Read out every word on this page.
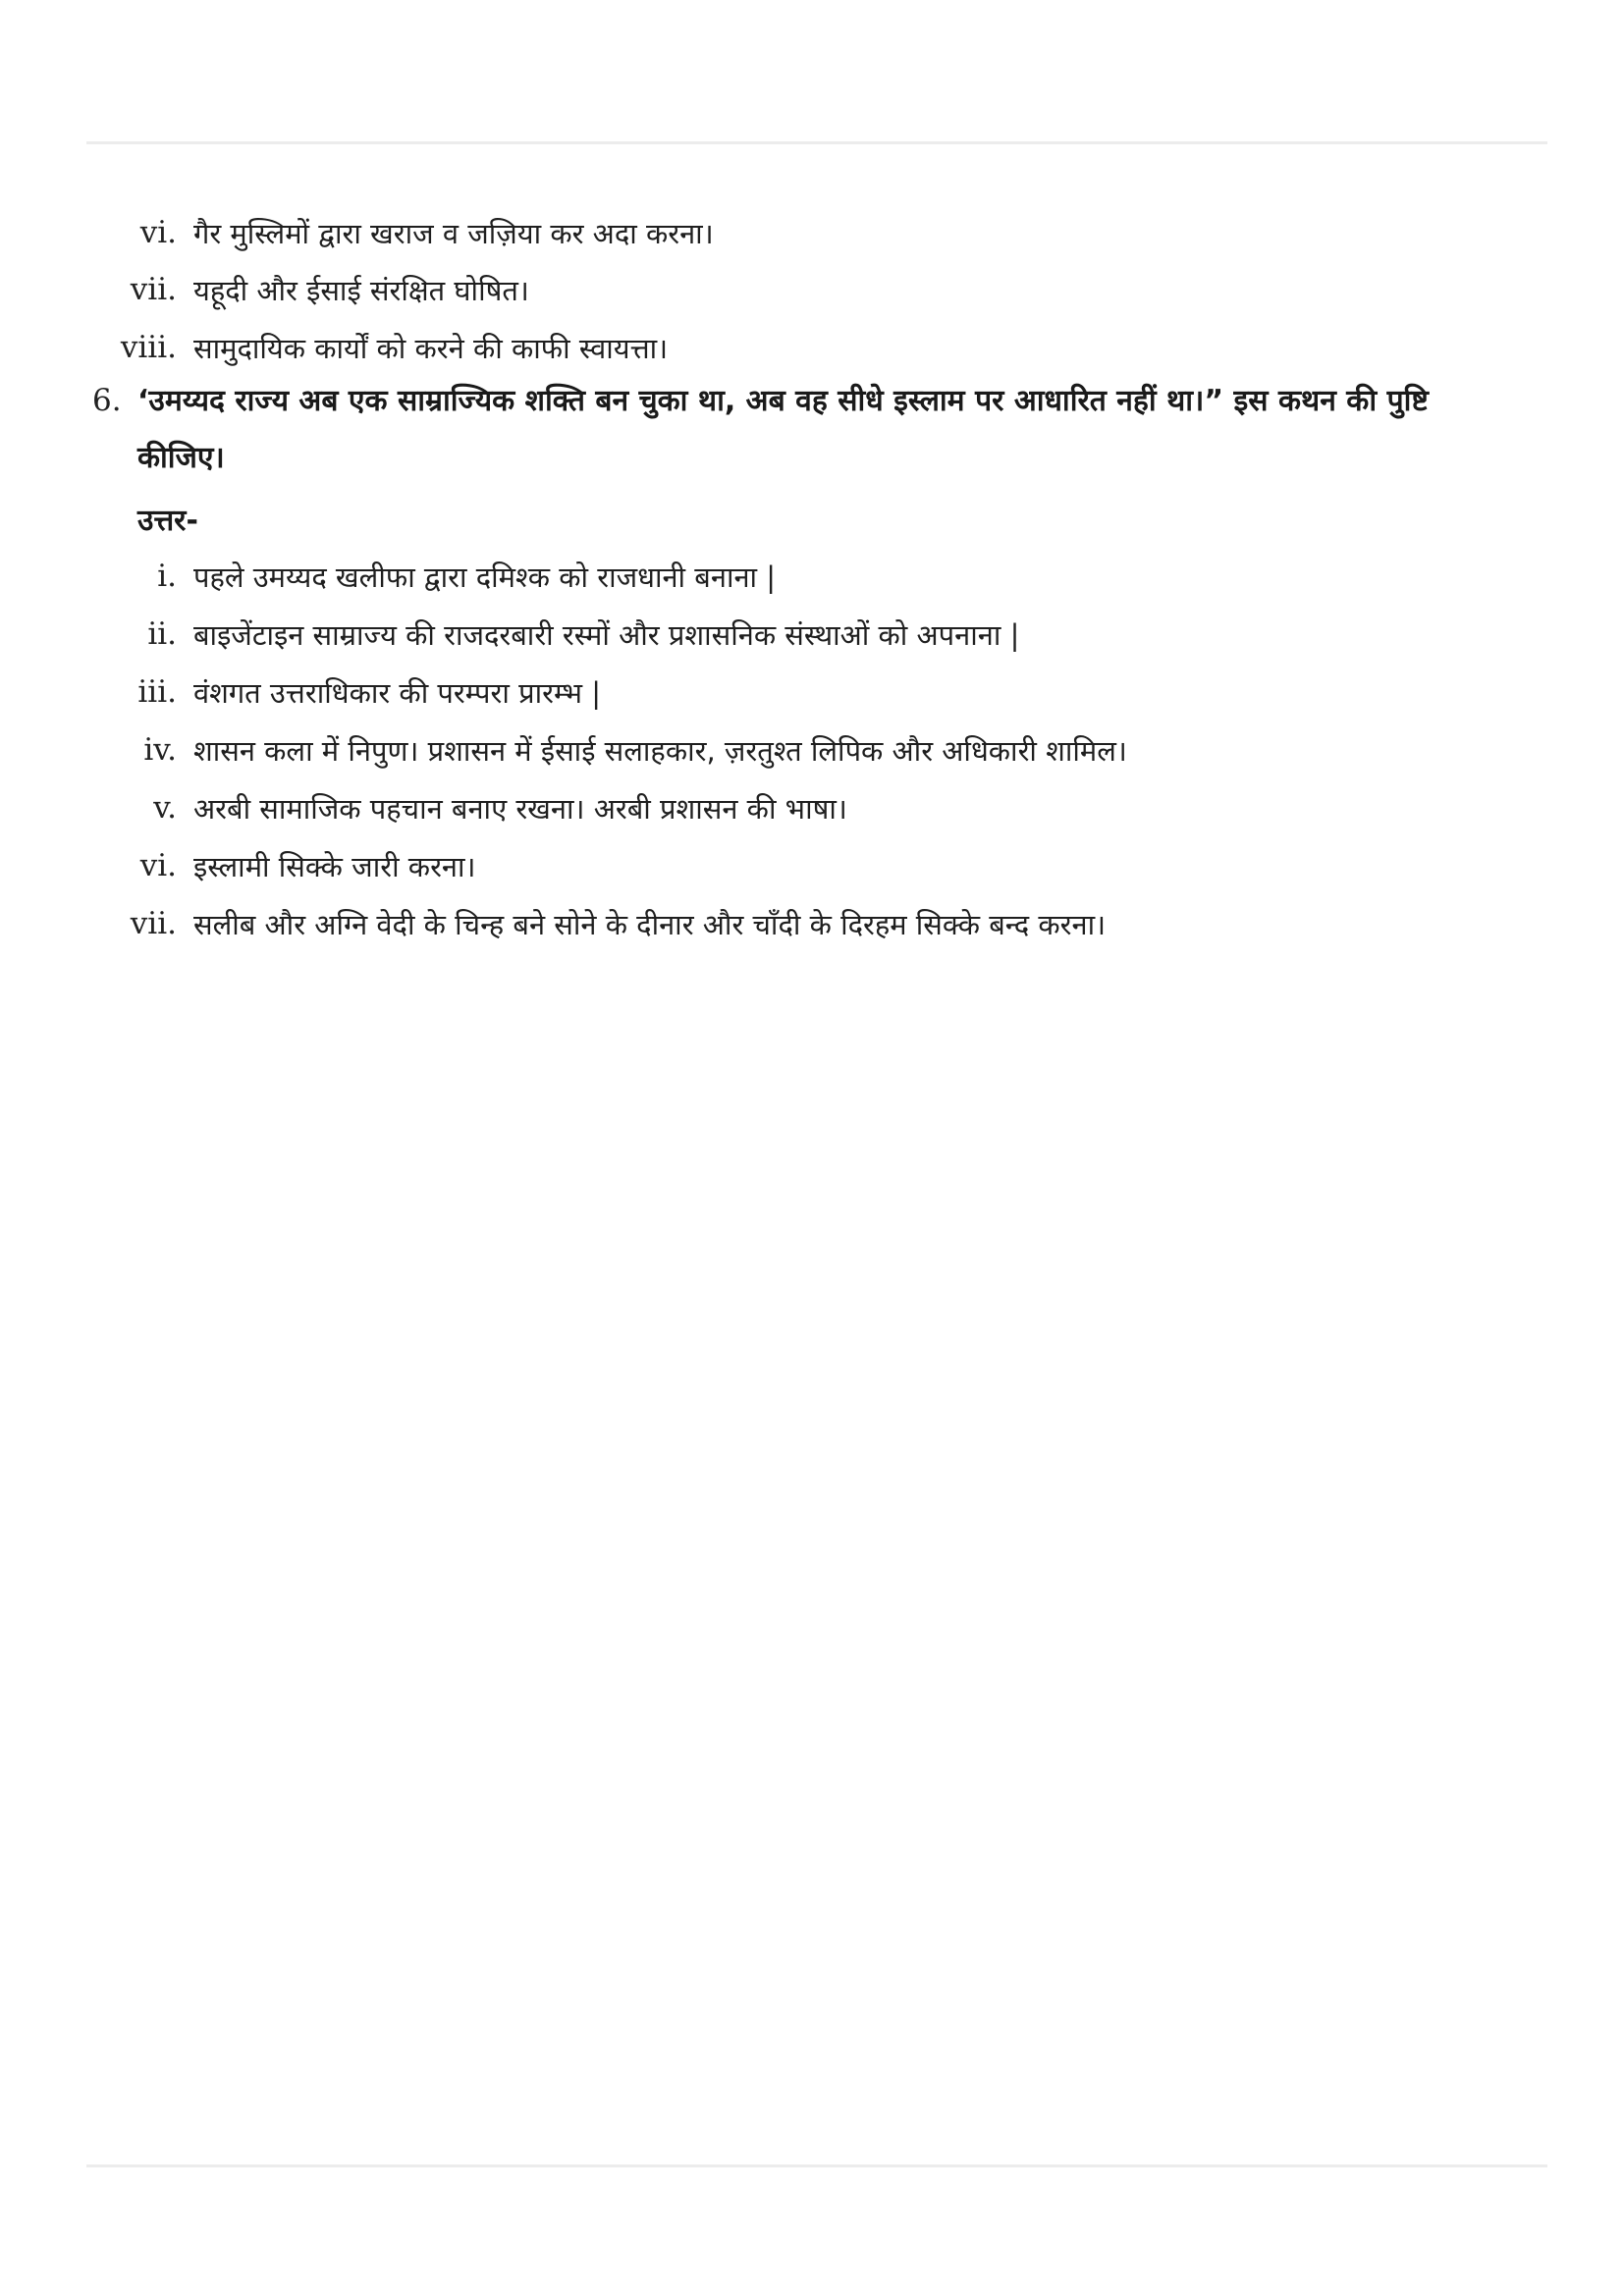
vi. गैर मुस्लिमों द्वारा खराज व जज़िया कर अदा करना।
vii. यहूदी और ईसाई संरक्षित घोषित।
viii. सामुदायिक कार्यों को करने की काफी स्वायत्ता।
6. ‘उमय्यद राज्य अब एक साम्राज्यिक शक्ति बन चुका था, अब वह सीधे इस्लाम पर आधारित नहीं था।” इस कथन की पुष्टि कीजिए।
उत्तर-
i. पहले उमय्यद खलीफा द्वारा दमिश्क को राजधानी बनाना |
ii. बाइजेंटाइन साम्राज्य की राजदरबारी रस्मों और प्रशासनिक संस्थाओं को अपनाना |
iii. वंशगत उत्तराधिकार की परम्परा प्रारम्भ |
iv. शासन कला में निपुण। प्रशासन में ईसाई सलाहकार, ज़रतुश्त लिपिक और अधिकारी शामिल।
v. अरबी सामाजिक पहचान बनाए रखना। अरबी प्रशासन की भाषा।
vi. इस्लामी सिक्के जारी करना।
vii. सलीब और अग्नि वेदी के चिन्ह बने सोने के दीनार और चाँदी के दिरहम सिक्के बन्द करना।
